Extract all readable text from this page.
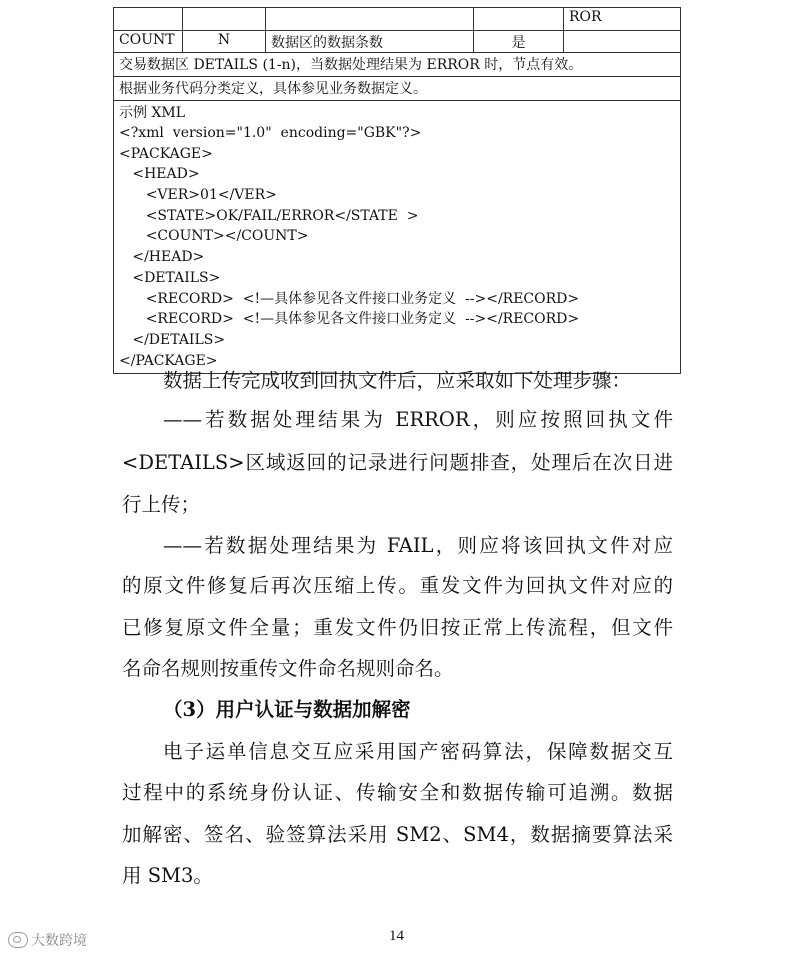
ROR
COUNT	N	数据区的数据条数	是
交易数据区 DETAILS (1-n)，当数据处理结果为 ERROR 时，节点有效。
根据业务代码分类定义，具体参见业务数据定义。
示例 XML
<?xml  version="1.0"  encoding="GBK"?>
<PACKAGE>
<HEAD>
<VER>01</VER>
<STATE>OK/FAIL/ERROR</STATE  >
<COUNT></COUNT>
</HEAD>
<DETAILS>
<RECORD>  <!—具体参见各文件接口业务定义  --></RECORD>
<RECORD>  <!—具体参见各文件接口业务定义  --></RECORD>
</DETAILS>
</PACKAGE>
数据上传完成收到回执文件后，应采取如下处理步骤：
——若数据处理结果为 ERROR，则应按照回执文件
<DETAILS>区域返回的记录进行问题排查，处理后在次日进
行上传；
——若数据处理结果为 FAIL，则应将该回执文件对应
的原文件修复后再次压缩上传。重发文件为回执文件对应的
已修复原文件全量；重发文件仍旧按正常上传流程，但文件
名命名规则按重传文件命名规则命名。
（3）用户认证与数据加解密
电子运单信息交互应采用国产密码算法，保障数据交互
过程中的系统身份认证、传输安全和数据传输可追溯。数据
加解密、签名、验签算法采用 SM2、SM4，数据摘要算法采
用 SM3。
14
大数跨境
